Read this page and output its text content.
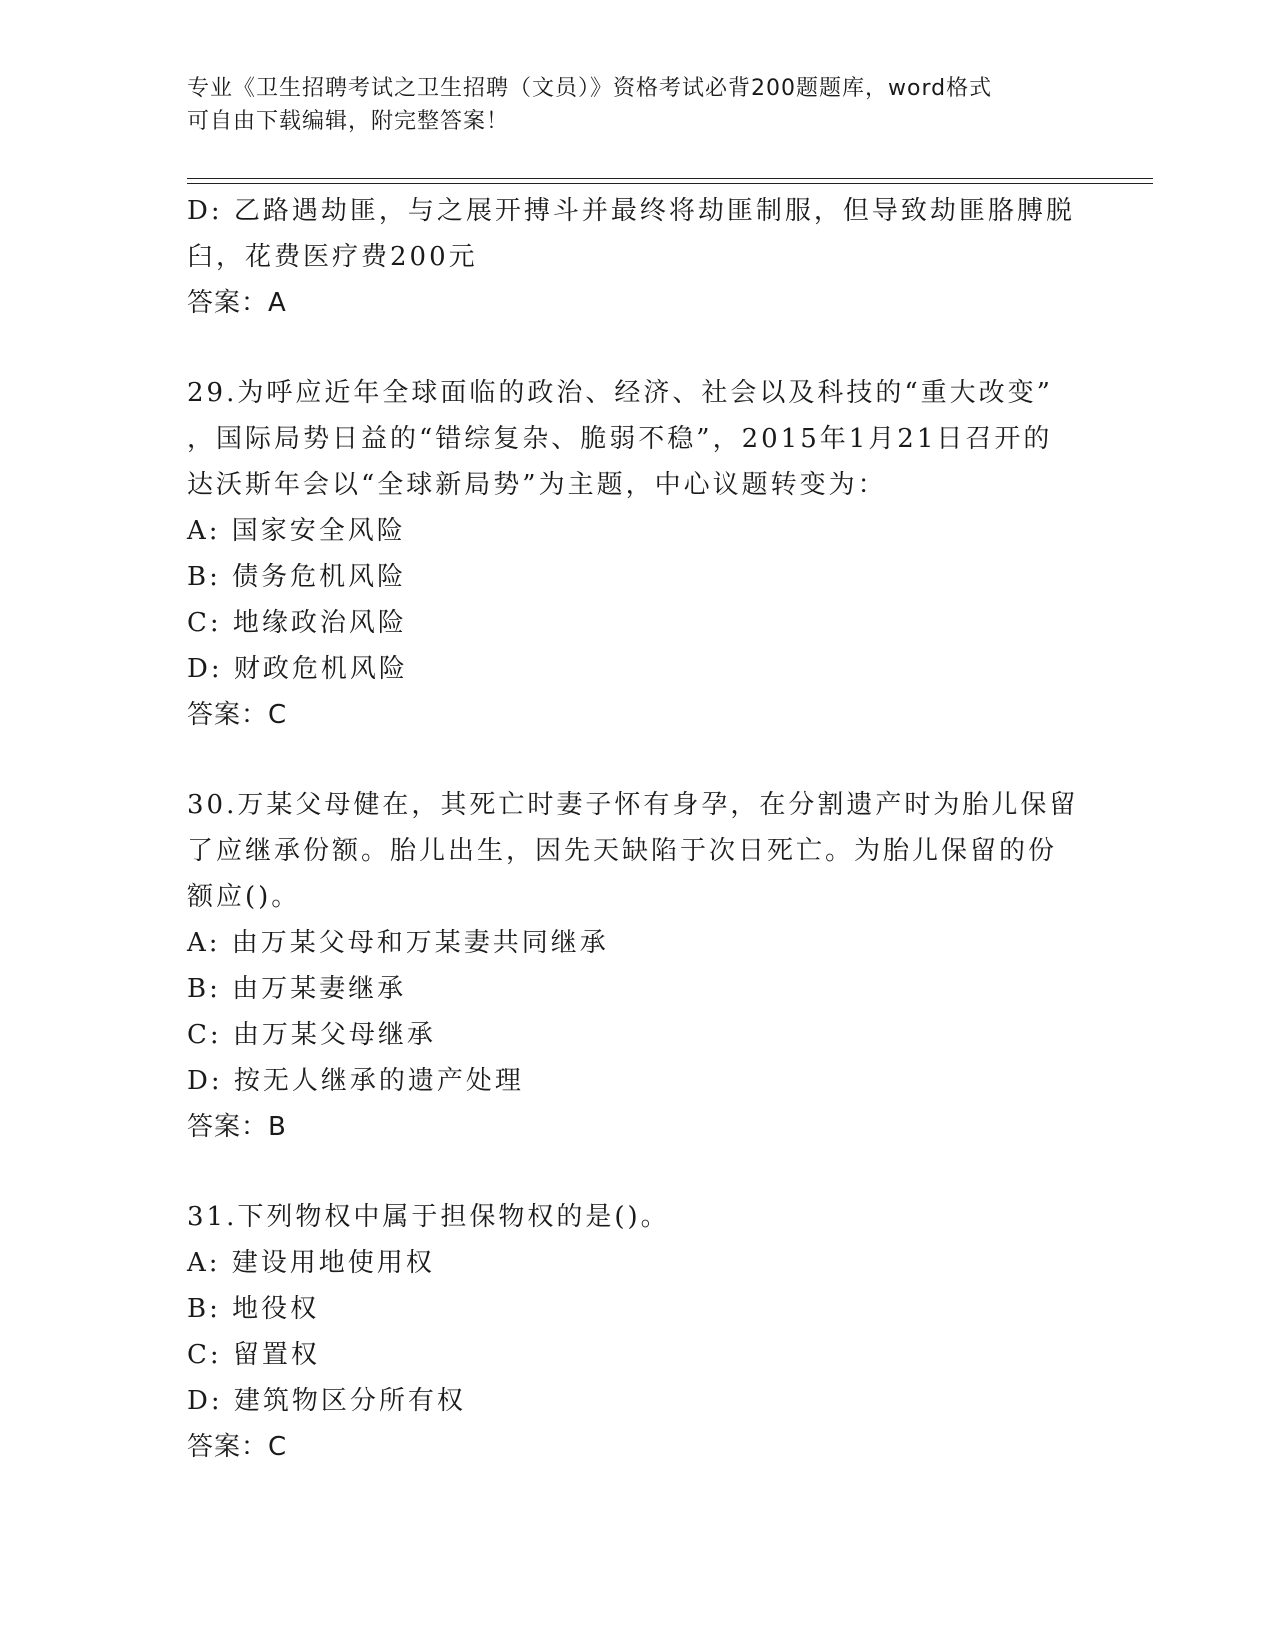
专业《卫生招聘考试之卫生招聘（文员）》资格考试必背200题题库，word格式
可自由下载编辑，附完整答案！
D: 乙路遇劫匪，与之展开搏斗并最终将劫匪制服，但导致劫匪胳膊脱
臼，花费医疗费200元
答案：A
29.为呼应近年全球面临的政治、经济、社会以及科技的“重大改变”
，国际局势日益的“错综复杂、脆弱不稳”，2015年1月21日召开的
达沃斯年会以“全球新局势”为主题，中心议题转变为：
A: 国家安全风险
B: 债务危机风险
C: 地缘政治风险
D: 财政危机风险
答案：C
30.万某父母健在，其死亡时妻子怀有身孕，在分割遗产时为胎儿保留
了应继承份额。胎儿出生，因先天缺陷于次日死亡。为胎儿保留的份
额应()。
A: 由万某父母和万某妻共同继承
B: 由万某妻继承
C: 由万某父母继承
D: 按无人继承的遗产处理
答案：B
31.下列物权中属于担保物权的是()。
A: 建设用地使用权
B: 地役权
C: 留置权
D: 建筑物区分所有权
答案：C
